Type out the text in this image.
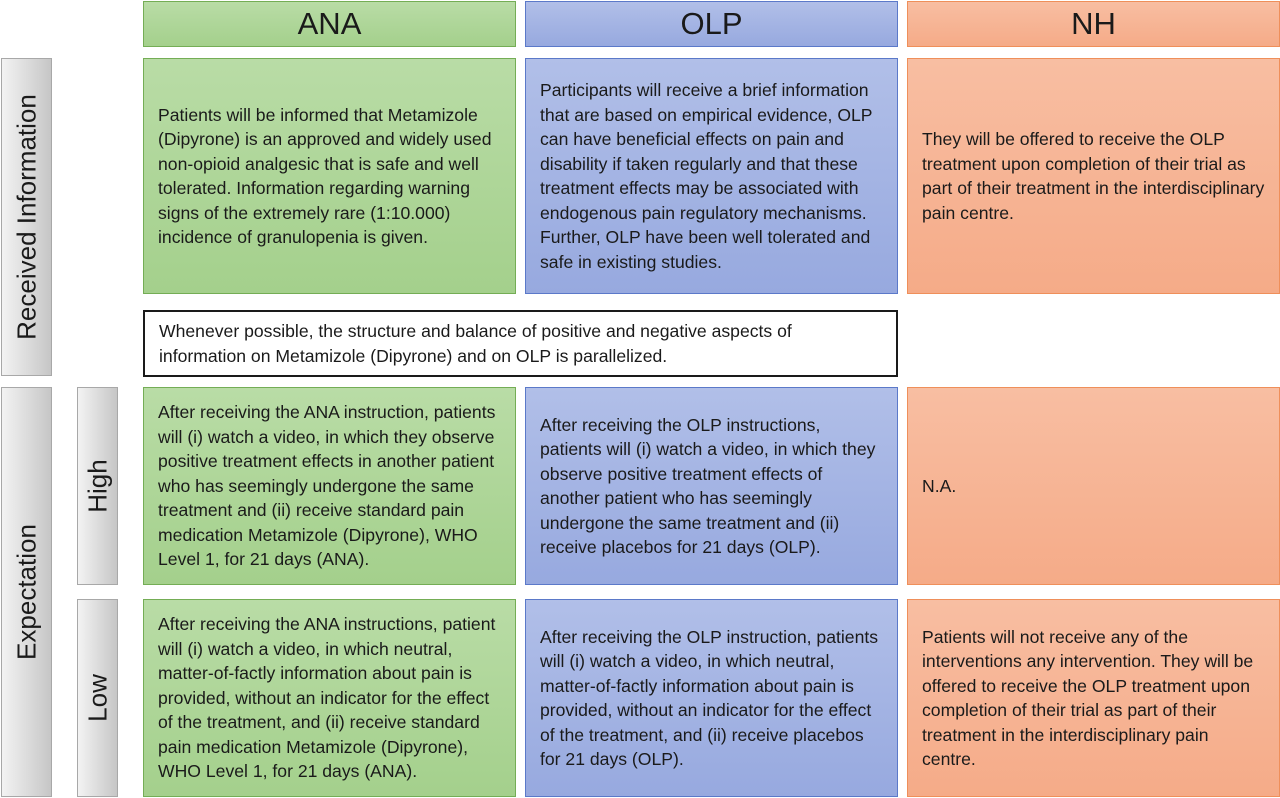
ANA	OLP	NH
Received Information
Expectation
High
Low
Patients will be informed that Metamizole (Dipyrone) is an approved and widely used non-opioid analgesic that is safe and well tolerated. Information regarding warning signs of the extremely rare (1:10.000) incidence of granulopenia is given.
Participants will receive a brief information that are based on empirical evidence, OLP can have beneficial effects on pain and disability if taken regularly and that these treatment effects may be associated with endogenous pain regulatory mechanisms. Further, OLP have been well tolerated and safe in existing studies.
They will be offered to receive the OLP treatment upon completion of their trial as part of their treatment in the interdisciplinary pain centre.
Whenever possible, the structure and balance of positive and negative aspects of information on Metamizole (Dipyrone) and on OLP is parallelized.
After receiving the ANA instruction, patients will (i) watch a video, in which they observe positive treatment effects in another patient who has seemingly undergone the same treatment and (ii) receive standard pain medication Metamizole (Dipyrone), WHO Level 1, for 21 days (ANA).
After receiving the OLP instructions, patients will (i) watch a video, in which they observe positive treatment effects of another patient who has seemingly undergone the same treatment and (ii) receive placebos for 21 days (OLP).
N.A.
After receiving the ANA instructions, patient will (i) watch a video, in which neutral, matter-of-factly information about pain is provided, without an indicator for the effect of the treatment, and (ii) receive standard pain medication Metamizole (Dipyrone), WHO Level 1, for 21 days (ANA).
After receiving the OLP instruction, patients will (i) watch a video, in which neutral, matter-of-factly information about pain is provided, without an indicator for the effect of the treatment, and (ii) receive placebos for 21 days (OLP).
Patients will not receive any of the interventions any intervention. They will be offered to receive the OLP treatment upon completion of their trial as part of their treatment in the interdisciplinary pain centre.
